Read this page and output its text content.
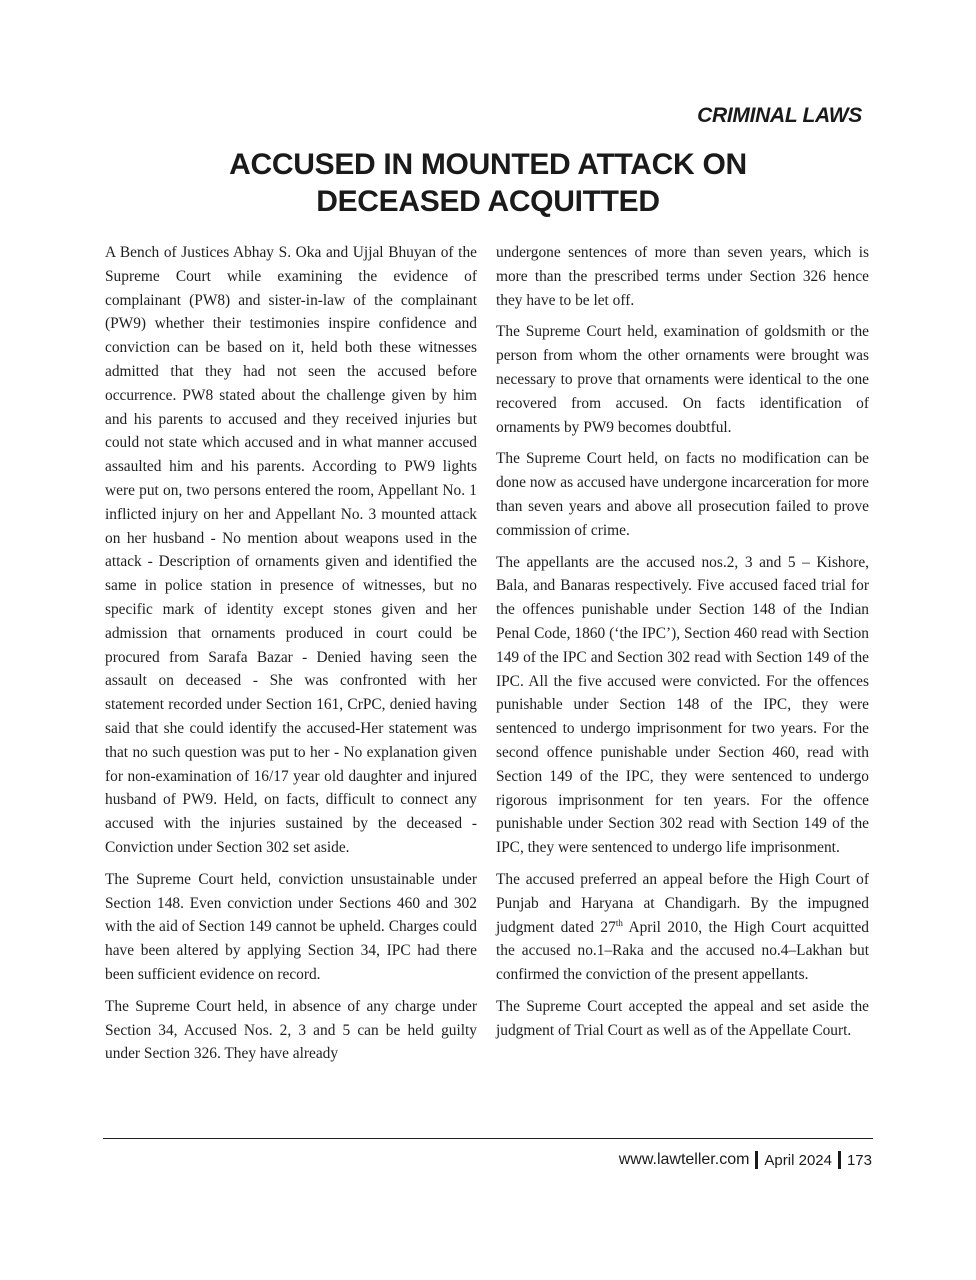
CRIMINAL LAWS
ACCUSED IN MOUNTED ATTACK ON
DECEASED ACQUITTED

A Bench of Justices Abhay S. Oka and Ujjal Bhuyan of the Supreme Court while examining the evidence of complainant (PW8) and sister-in-law of the complainant (PW9) whether their testimonies inspire confidence and conviction can be based on it, held both these witnesses admitted that they had not seen the accused before occurrence. PW8 stated about the challenge given by him and his parents to accused and they received injuries but could not state which accused and in what manner accused assaulted him and his parents. According to PW9 lights were put on, two persons entered the room, Appellant No. 1 inflicted injury on her and Appellant No. 3 mounted attack on her husband - No mention about weapons used in the attack - Description of ornaments given and identified the same in police station in presence of witnesses, but no specific mark of identity except stones given and her admission that ornaments produced in court could be procured from Sarafa Bazar - Denied having seen the assault on deceased - She was confronted with her statement recorded under Section 161, CrPC, denied having said that she could identify the accused-Her statement was that no such question was put to her - No explanation given for non-examination of 16/17 year old daughter and injured husband of PW9. Held, on facts, difficult to connect any accused with the injuries sustained by the deceased - Conviction under Section 302 set aside.

The Supreme Court held, conviction unsustainable under Section 148. Even conviction under Sections 460 and 302 with the aid of Section 149 cannot be upheld. Charges could have been altered by applying Section 34, IPC had there been sufficient evidence on record.

The Supreme Court held, in absence of any charge under Section 34, Accused Nos. 2, 3 and 5 can be held guilty under Section 326. They have already

undergone sentences of more than seven years, which is more than the prescribed terms under Section 326 hence they have to be let off.

The Supreme Court held, examination of goldsmith or the person from whom the other ornaments were brought was necessary to prove that ornaments were identical to the one recovered from accused. On facts identification of ornaments by PW9 becomes doubtful.

The Supreme Court held, on facts no modification can be done now as accused have undergone incarceration for more than seven years and above all prosecution failed to prove commission of crime.

The appellants are the accused nos.2, 3 and 5 – Kishore, Bala, and Banaras respectively. Five accused faced trial for the offences punishable under Section 148 of the Indian Penal Code, 1860 (‘the IPC’), Section 460 read with Section 149 of the IPC and Section 302 read with Section 149 of the IPC. All the five accused were convicted. For the offences punishable under Section 148 of the IPC, they were sentenced to undergo imprisonment for two years. For the second offence punishable under Section 460, read with Section 149 of the IPC, they were sentenced to undergo rigorous imprisonment for ten years. For the offence punishable under Section 302 read with Section 149 of the IPC, they were sentenced to undergo life imprisonment.

The accused preferred an appeal before the High Court of Punjab and Haryana at Chandigarh. By the impugned judgment dated 27th April 2010, the High Court acquitted the accused no.1–Raka and the accused no.4–Lakhan but confirmed the conviction of the present appellants.

The Supreme Court accepted the appeal and set aside the judgment of Trial Court as well as of the Appellate Court.

www.lawteller.com April 2024 173
